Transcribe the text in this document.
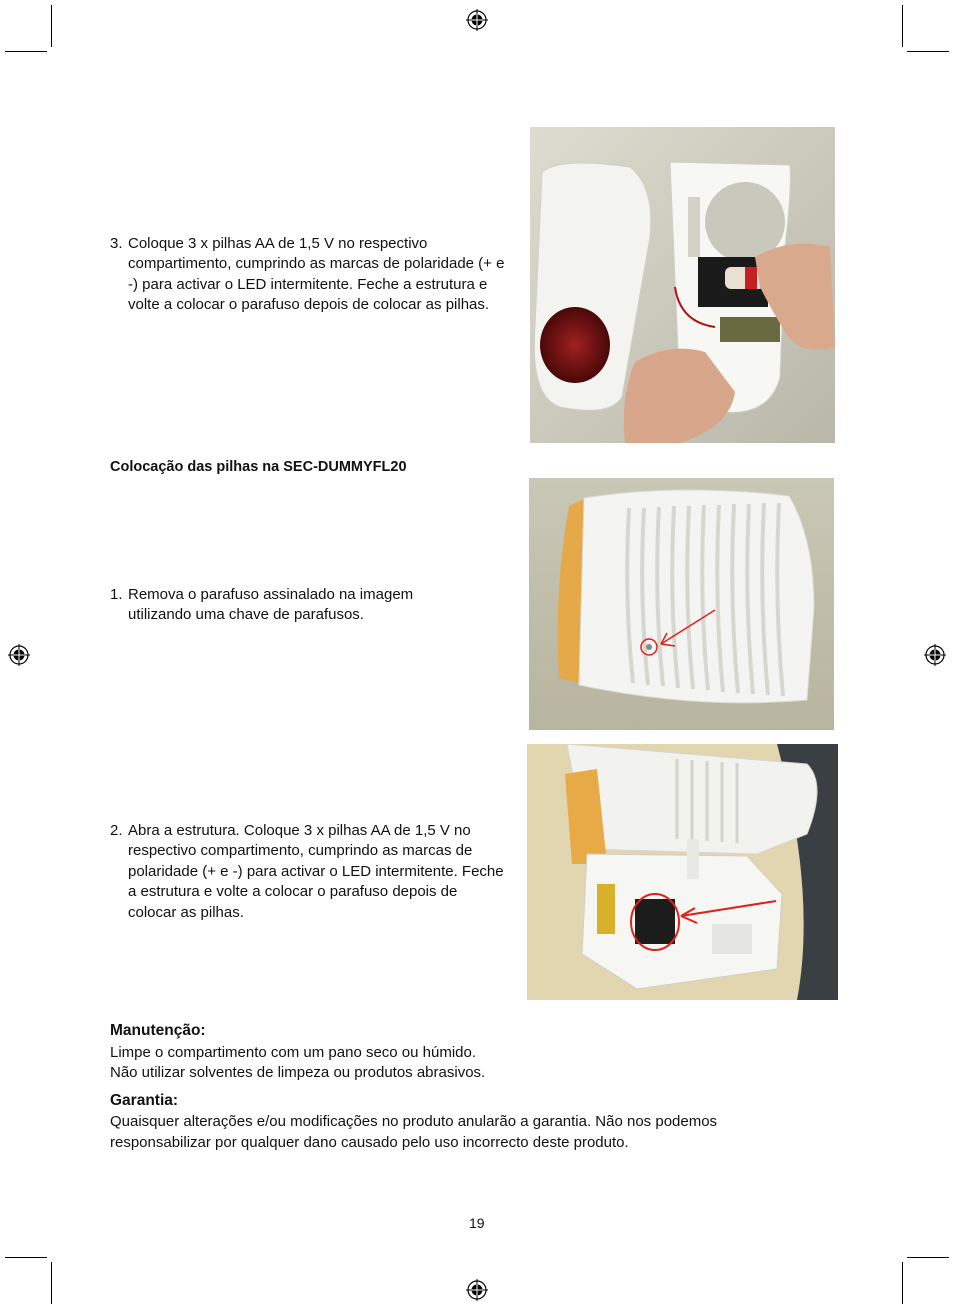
3. Coloque 3 x pilhas AA de 1,5 V no respectivo compartimento, cumprindo as marcas de polaridade (+ e -) para activar o LED intermitente. Feche a estrutura e volte a colocar o parafuso depois de colocar as pilhas.
Colocação das pilhas na SEC-DUMMYFL20
1. Remova o parafuso assinalado na imagem utilizando uma chave de parafusos.
2. Abra a estrutura. Coloque 3 x pilhas AA de 1,5 V no respectivo compartimento, cumprindo as marcas de polaridade (+ e -) para activar o LED intermitente. Feche a estrutura e volte a colocar o parafuso depois de colocar as pilhas.
Manutenção:
Limpe o compartimento com um pano seco ou húmido.
Não utilizar solventes de limpeza ou produtos abrasivos.
Garantia:
Quaisquer alterações e/ou modificações no produto anularão a garantia. Não nos podemos responsabilizar por qualquer dano causado pelo uso incorrecto deste produto.
19
